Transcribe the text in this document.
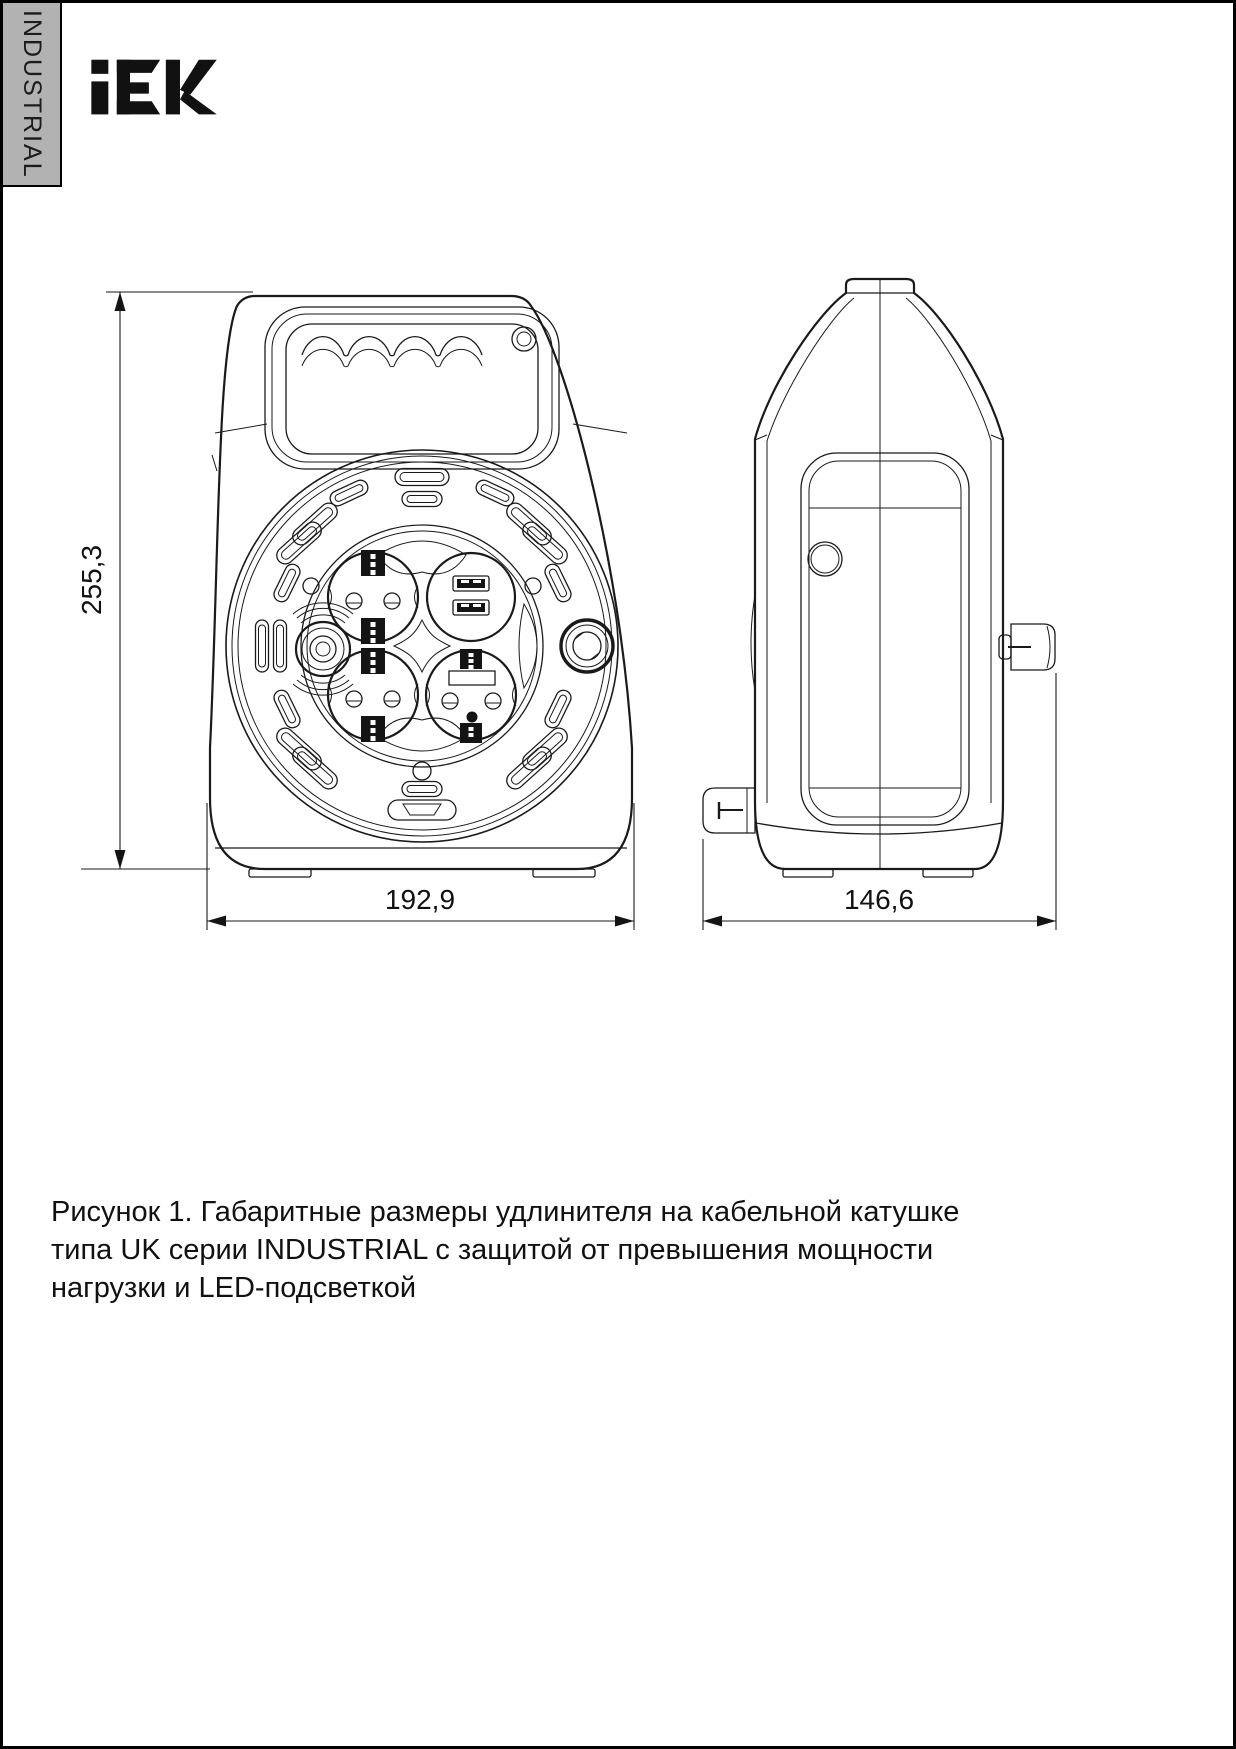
INDUSTRIAL
255,3
192,9	146,6
Рисунок 1. Габаритные размеры удлинителя на кабельной катушке
типа UK серии INDUSTRIAL с защитой от превышения мощности
нагрузки и LED-подсветкой
